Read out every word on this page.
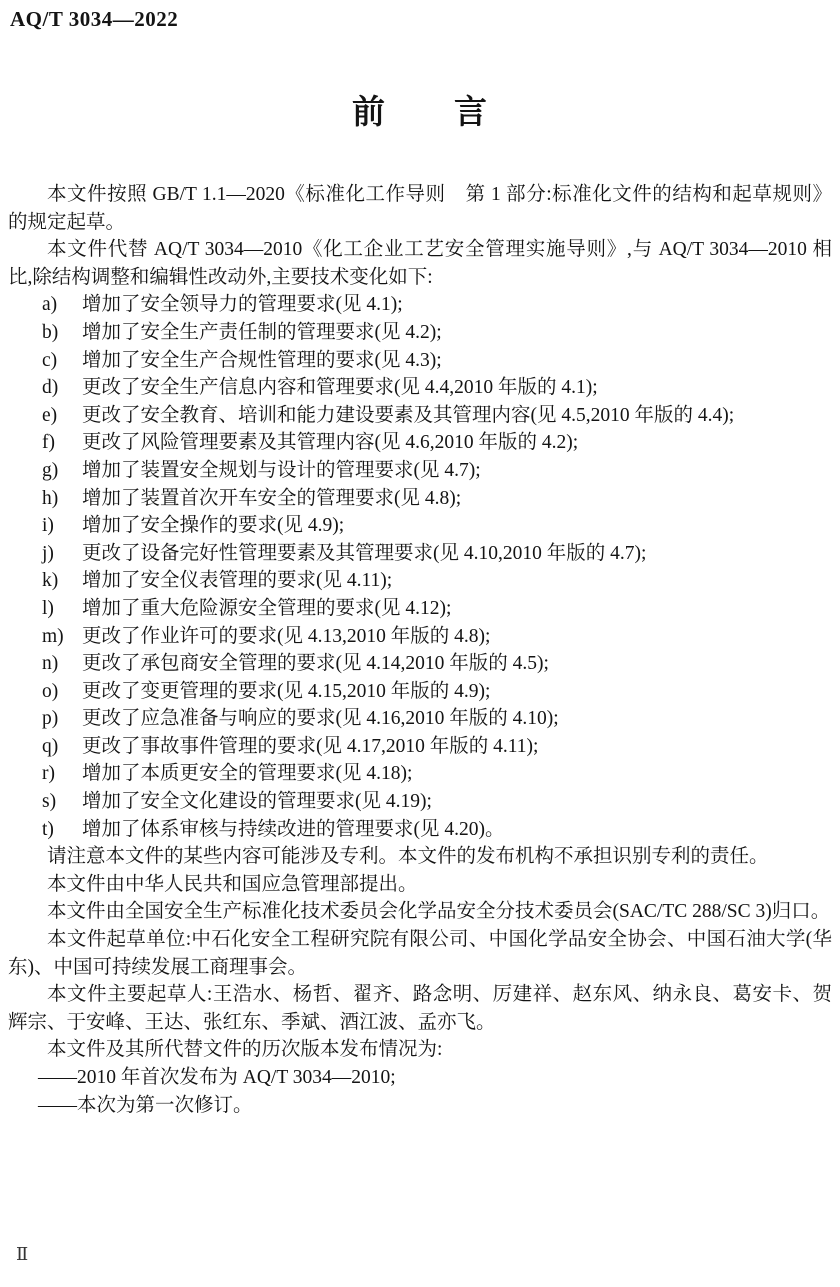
AQ/T 3034—2022
前　　言

本文件按照 GB/T 1.1—2020《标准化工作导则　第 1 部分:标准化文件的结构和起草规则》的规定起草。

本文件代替 AQ/T 3034—2010《化工企业工艺安全管理实施导则》,与 AQ/T 3034—2010 相比,除结构调整和编辑性改动外,主要技术变化如下:

a)	增加了安全领导力的管理要求(见 4.1);
b)	增加了安全生产责任制的管理要求(见 4.2);
c)	增加了安全生产合规性管理的要求(见 4.3);
d)	更改了安全生产信息内容和管理要求(见 4.4,2010 年版的 4.1);
e)	更改了安全教育、培训和能力建设要素及其管理内容(见 4.5,2010 年版的 4.4);
f)	更改了风险管理要素及其管理内容(见 4.6,2010 年版的 4.2);
g)	增加了装置安全规划与设计的管理要求(见 4.7);
h)	增加了装置首次开车安全的管理要求(见 4.8);
i)	增加了安全操作的要求(见 4.9);
j)	更改了设备完好性管理要素及其管理要求(见 4.10,2010 年版的 4.7);
k)	增加了安全仪表管理的要求(见 4.11);
l)	增加了重大危险源安全管理的要求(见 4.12);
m) 更改了作业许可的要求(见 4.13,2010 年版的 4.8);
n)	更改了承包商安全管理的要求(见 4.14,2010 年版的 4.5);
o)	更改了变更管理的要求(见 4.15,2010 年版的 4.9);
p)	更改了应急准备与响应的要求(见 4.16,2010 年版的 4.10);
q)	更改了事故事件管理的要求(见 4.17,2010 年版的 4.11);
r)	增加了本质更安全的管理要求(见 4.18);
s)	增加了安全文化建设的管理要求(见 4.19);
t)	增加了体系审核与持续改进的管理要求(见 4.20)。

请注意本文件的某些内容可能涉及专利。本文件的发布机构不承担识别专利的责任。

本文件由中华人民共和国应急管理部提出。

本文件由全国安全生产标准化技术委员会化学品安全分技术委员会(SAC/TC 288/SC 3)归口。

本文件起草单位:中石化安全工程研究院有限公司、中国化学品安全协会、中国石油大学(华东)、中国可持续发展工商理事会。

本文件主要起草人:王浩水、杨哲、翟齐、路念明、厉建祥、赵东风、纳永良、葛安卡、贺辉宗、于安峰、王达、张红东、季斌、酒江波、孟亦飞。

本文件及其所代替文件的历次版本发布情况为:

——2010 年首次发布为 AQ/T 3034—2010;
——本次为第一次修订。
Ⅱ
